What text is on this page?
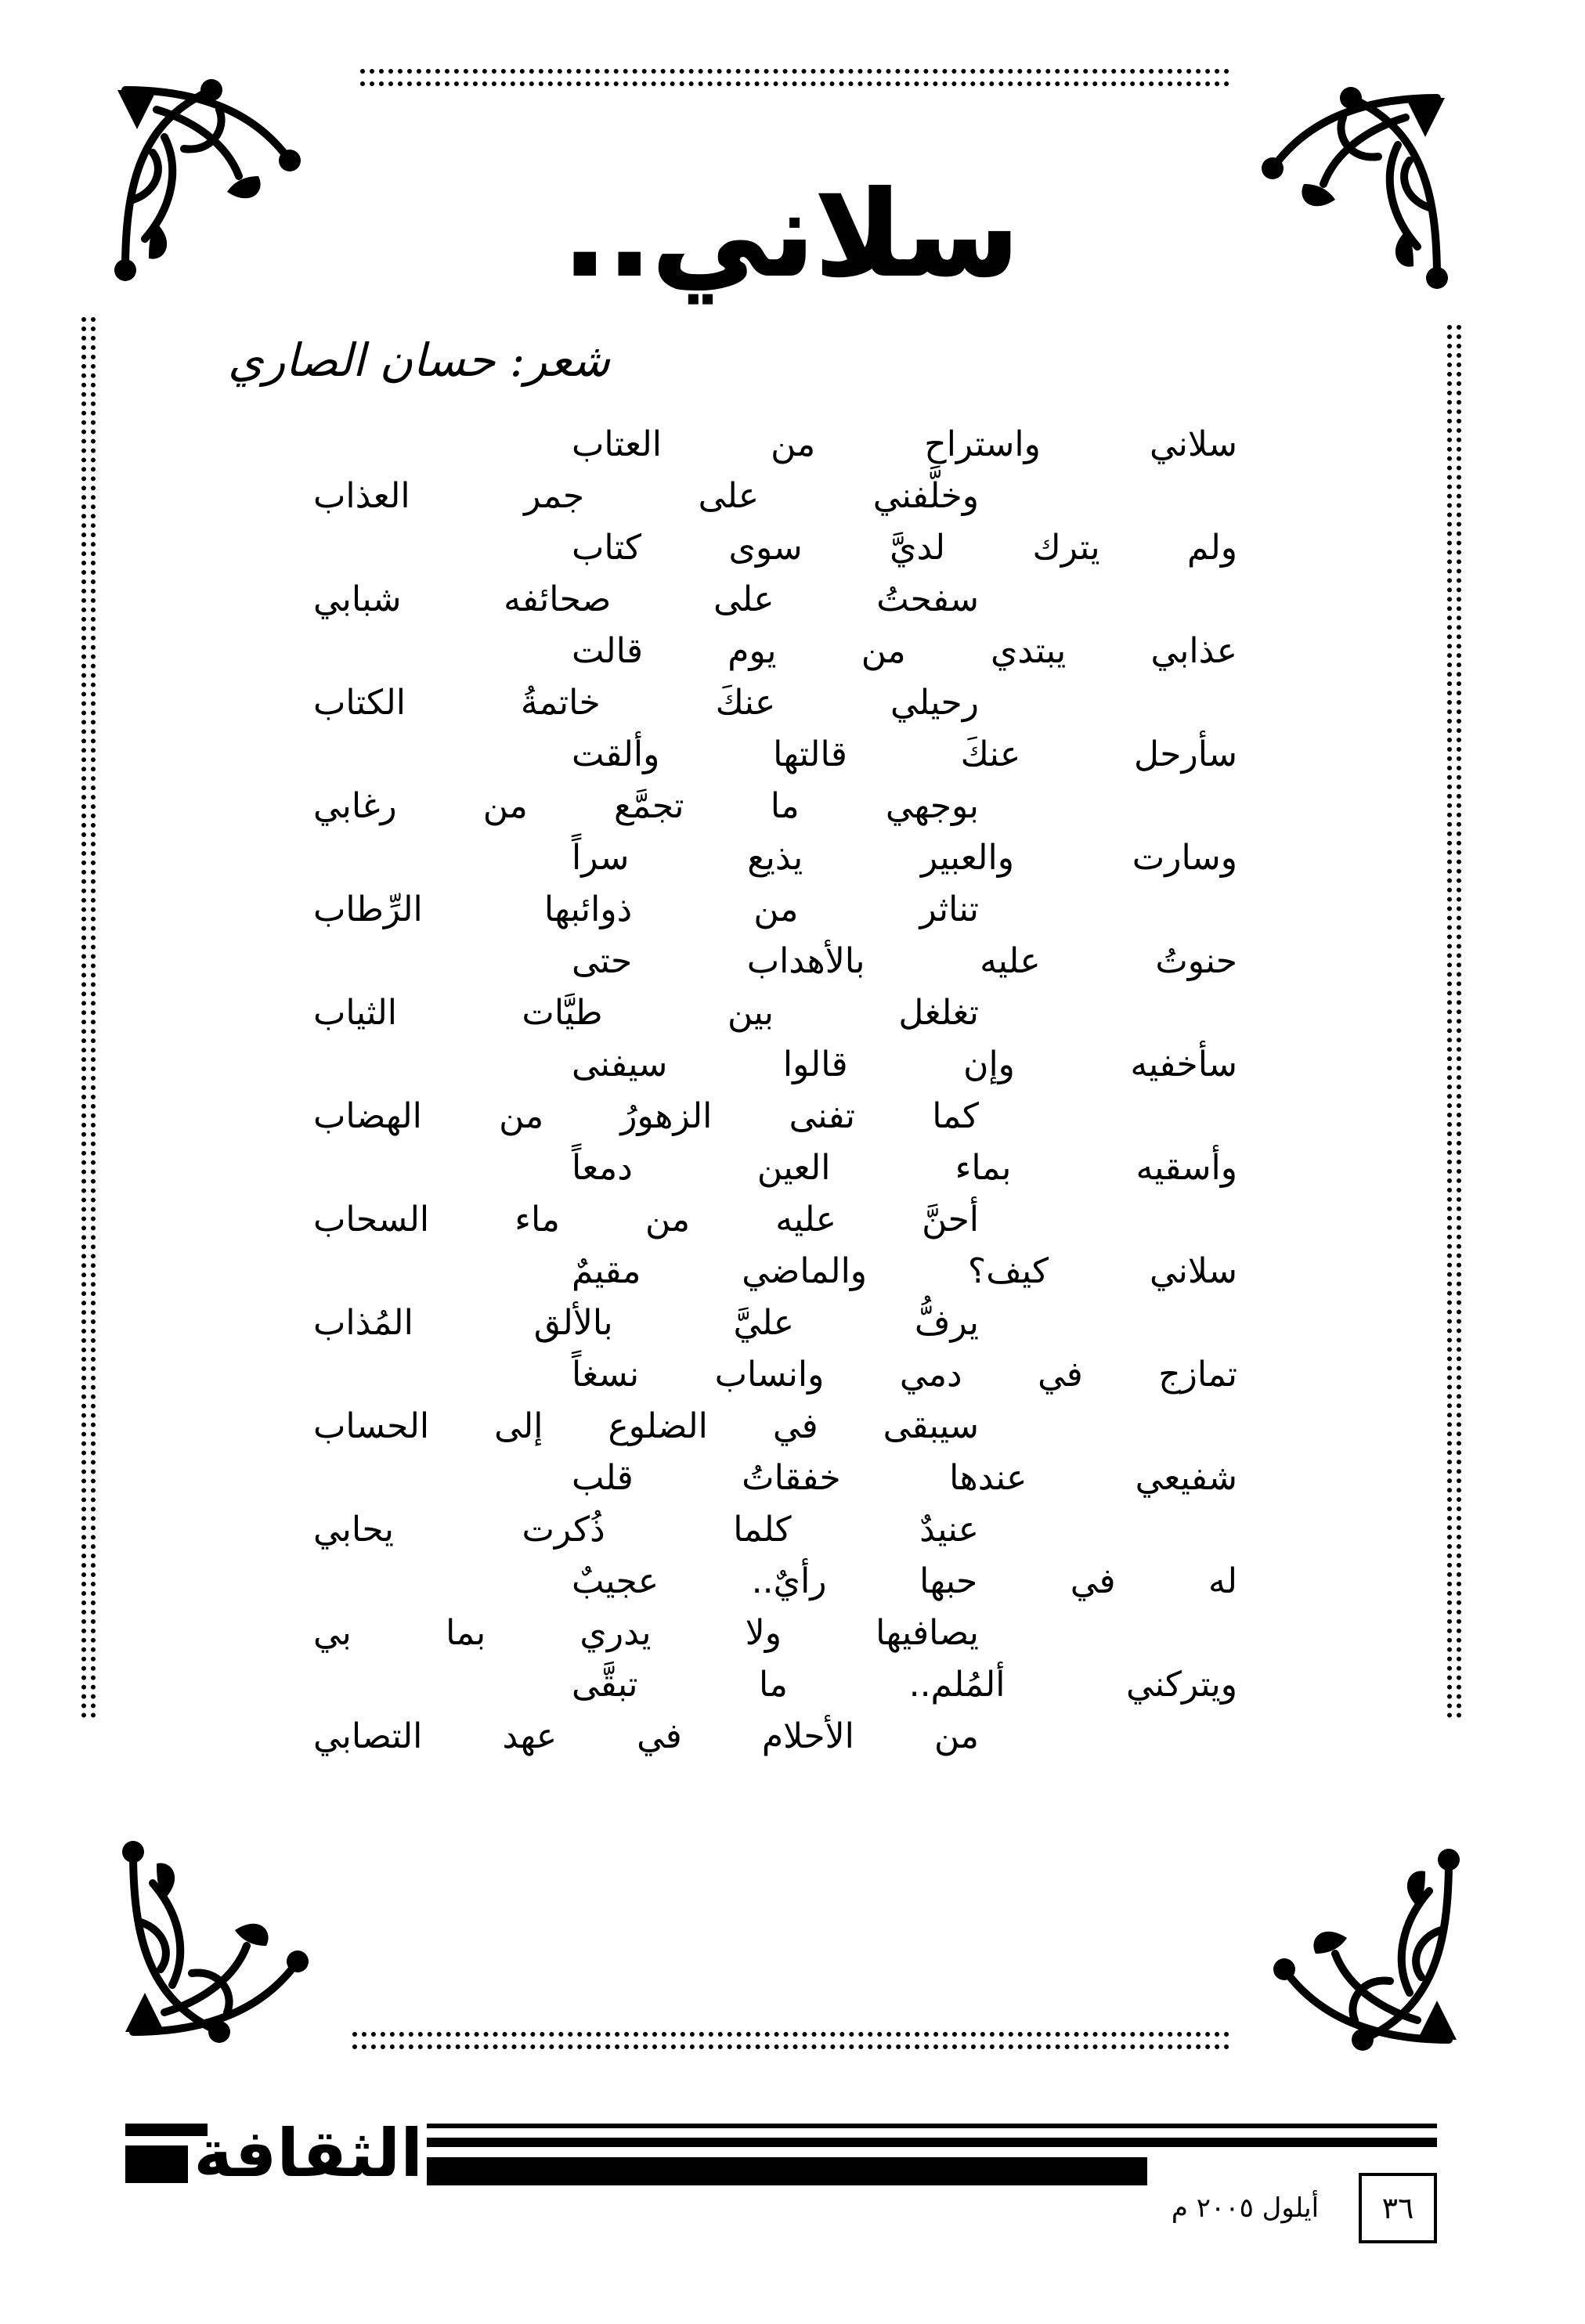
سلاني..
شعر: حسان الصاري
سلاني واستراح من العتاب
وخلَّفني على جمر العذاب
ولم يترك لديَّ سوى كتاب
سفحتُ على صحائفه شبابي
عذابي يبتدي من يوم قالت
رحيلي عنكَ خاتمةُ الكتاب
سأرحل عنكَ قالتها وألقت
بوجهي ما تجمَّع من رغابي
وسارت والعبير يذيع سراً
تناثر من ذوائبها الرِّطاب
حنوتُ عليه بالأهداب حتى
تغلغل بين طيَّات الثياب
سأخفيه وإن قالوا سيفنى
كما تفنى الزهورُ من الهضاب
وأسقيه بماء العين دمعاً
أحنَّ عليه من ماء السحاب
سلاني كيف؟ والماضي مقيمٌ
يرفُّ عليَّ بالألق المُذاب
تمازج في دمي وانساب نسغاً
سيبقى في الضلوع إلى الحساب
شفيعي عندها خفقاتُ قلب
عنيدٌ كلما ذُكرت يحابي
له في حبها رأيٌ.. عجيبٌ
يصافيها ولا يدري بما بي
ويتركني ألمُلم.. ما تبقَّى
من الأحلام في عهد التصابي
الثقافة
أيلول ٢٠٠٥ م	٣٦
